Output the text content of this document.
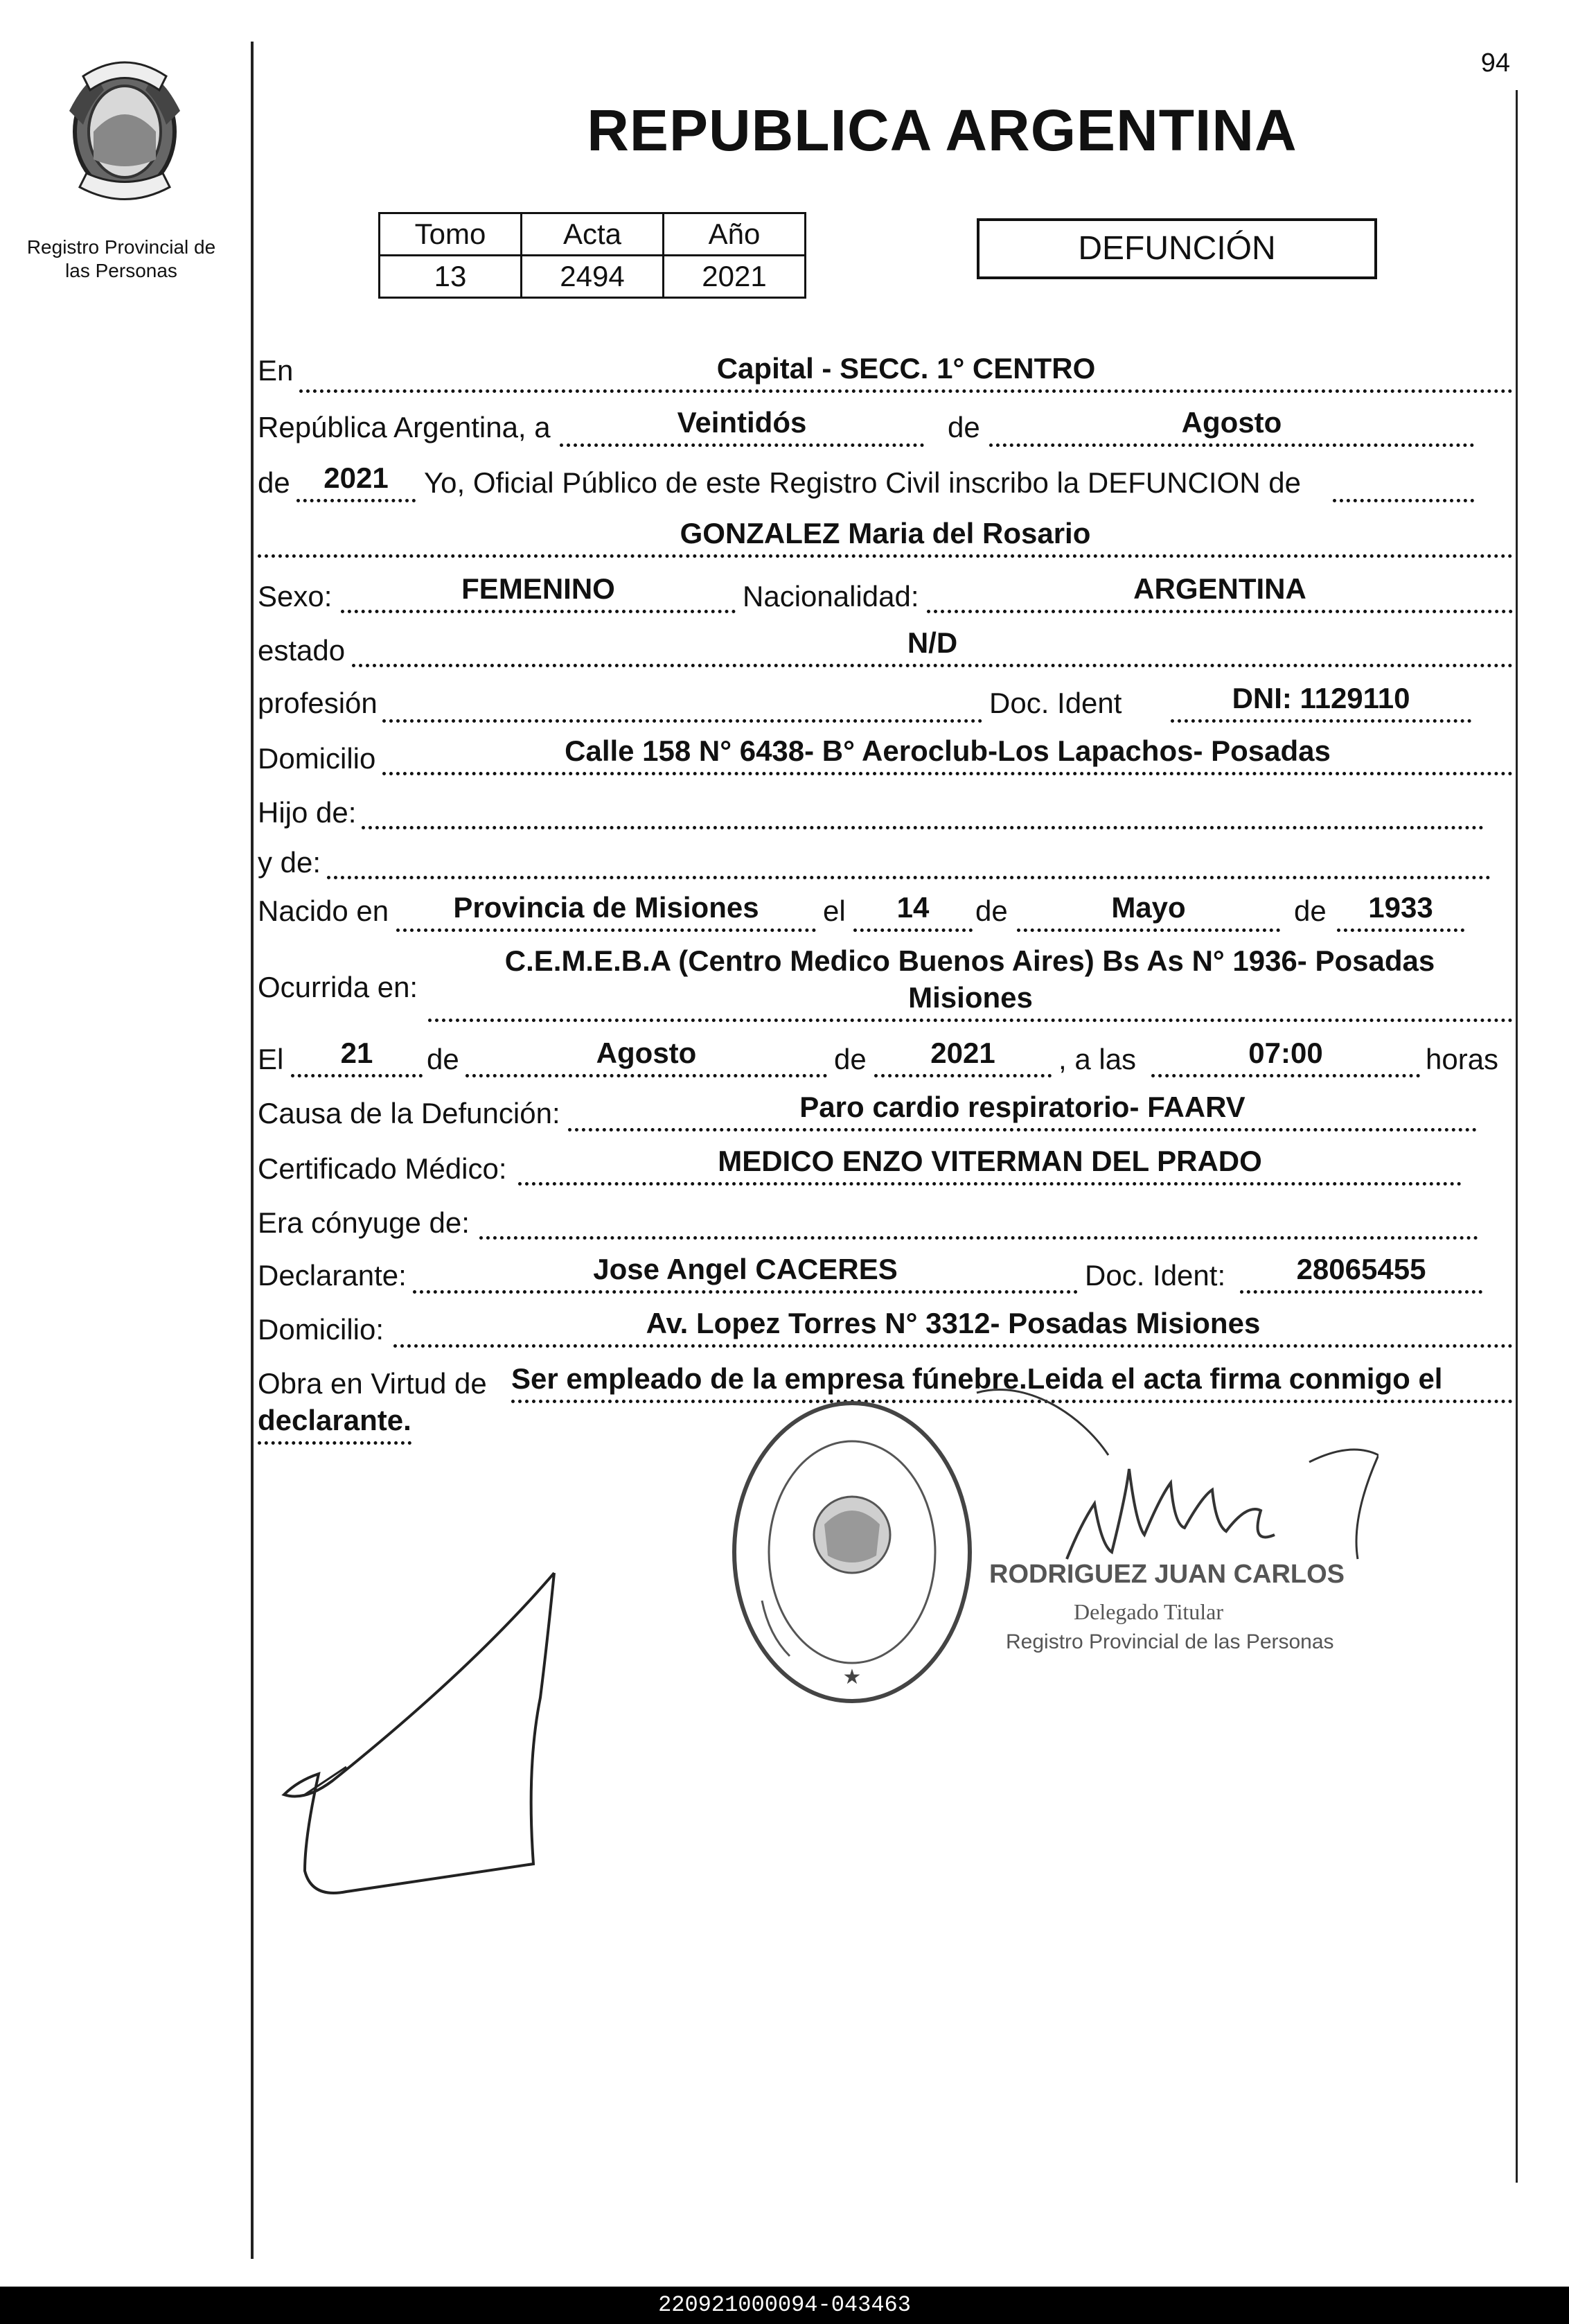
Registro Provincial de
las Personas
94
REPUBLICA ARGENTINA
Tomo	Acta	Año
13	2494	2021
DEFUNCIÓN
En	Capital - SECC. 1° CENTRO
República Argentina, a	Veintidós	de	Agosto
de	2021	Yo, Oficial Público de este Registro Civil inscribo la DEFUNCION de
GONZALEZ Maria del Rosario
Sexo:	FEMENINO	Nacionalidad:	ARGENTINA
estado	N/D
profesión	Doc. Ident	DNI: 1129110
Domicilio	Calle 158 N° 6438- B° Aeroclub-Los Lapachos- Posadas
Hijo de:
y de:
Nacido en	Provincia de Misiones	el	14	de	Mayo	de	1933
Ocurrida en:
C.E.M.E.B.A (Centro Medico Buenos Aires) Bs As N° 1936- Posadas
Misiones
El	21	de	Agosto	de	2021	, a las	07:00	horas
Causa de la Defunción:	Paro cardio respiratorio- FAARV
Certificado Médico:	MEDICO ENZO VITERMAN DEL PRADO
Era cónyuge de:
Declarante:	Jose Angel CACERES	Doc. Ident:	28065455
Domicilio:	Av. Lopez Torres N° 3312- Posadas Misiones
Obra en Virtud de Ser empleado de la empresa fúnebre.Leida el acta firma conmigo el
declarante.
★
RODRIGUEZ JUAN CARLOS
Delegado Titular
Registro Provincial de las Personas
220921000094-043463
